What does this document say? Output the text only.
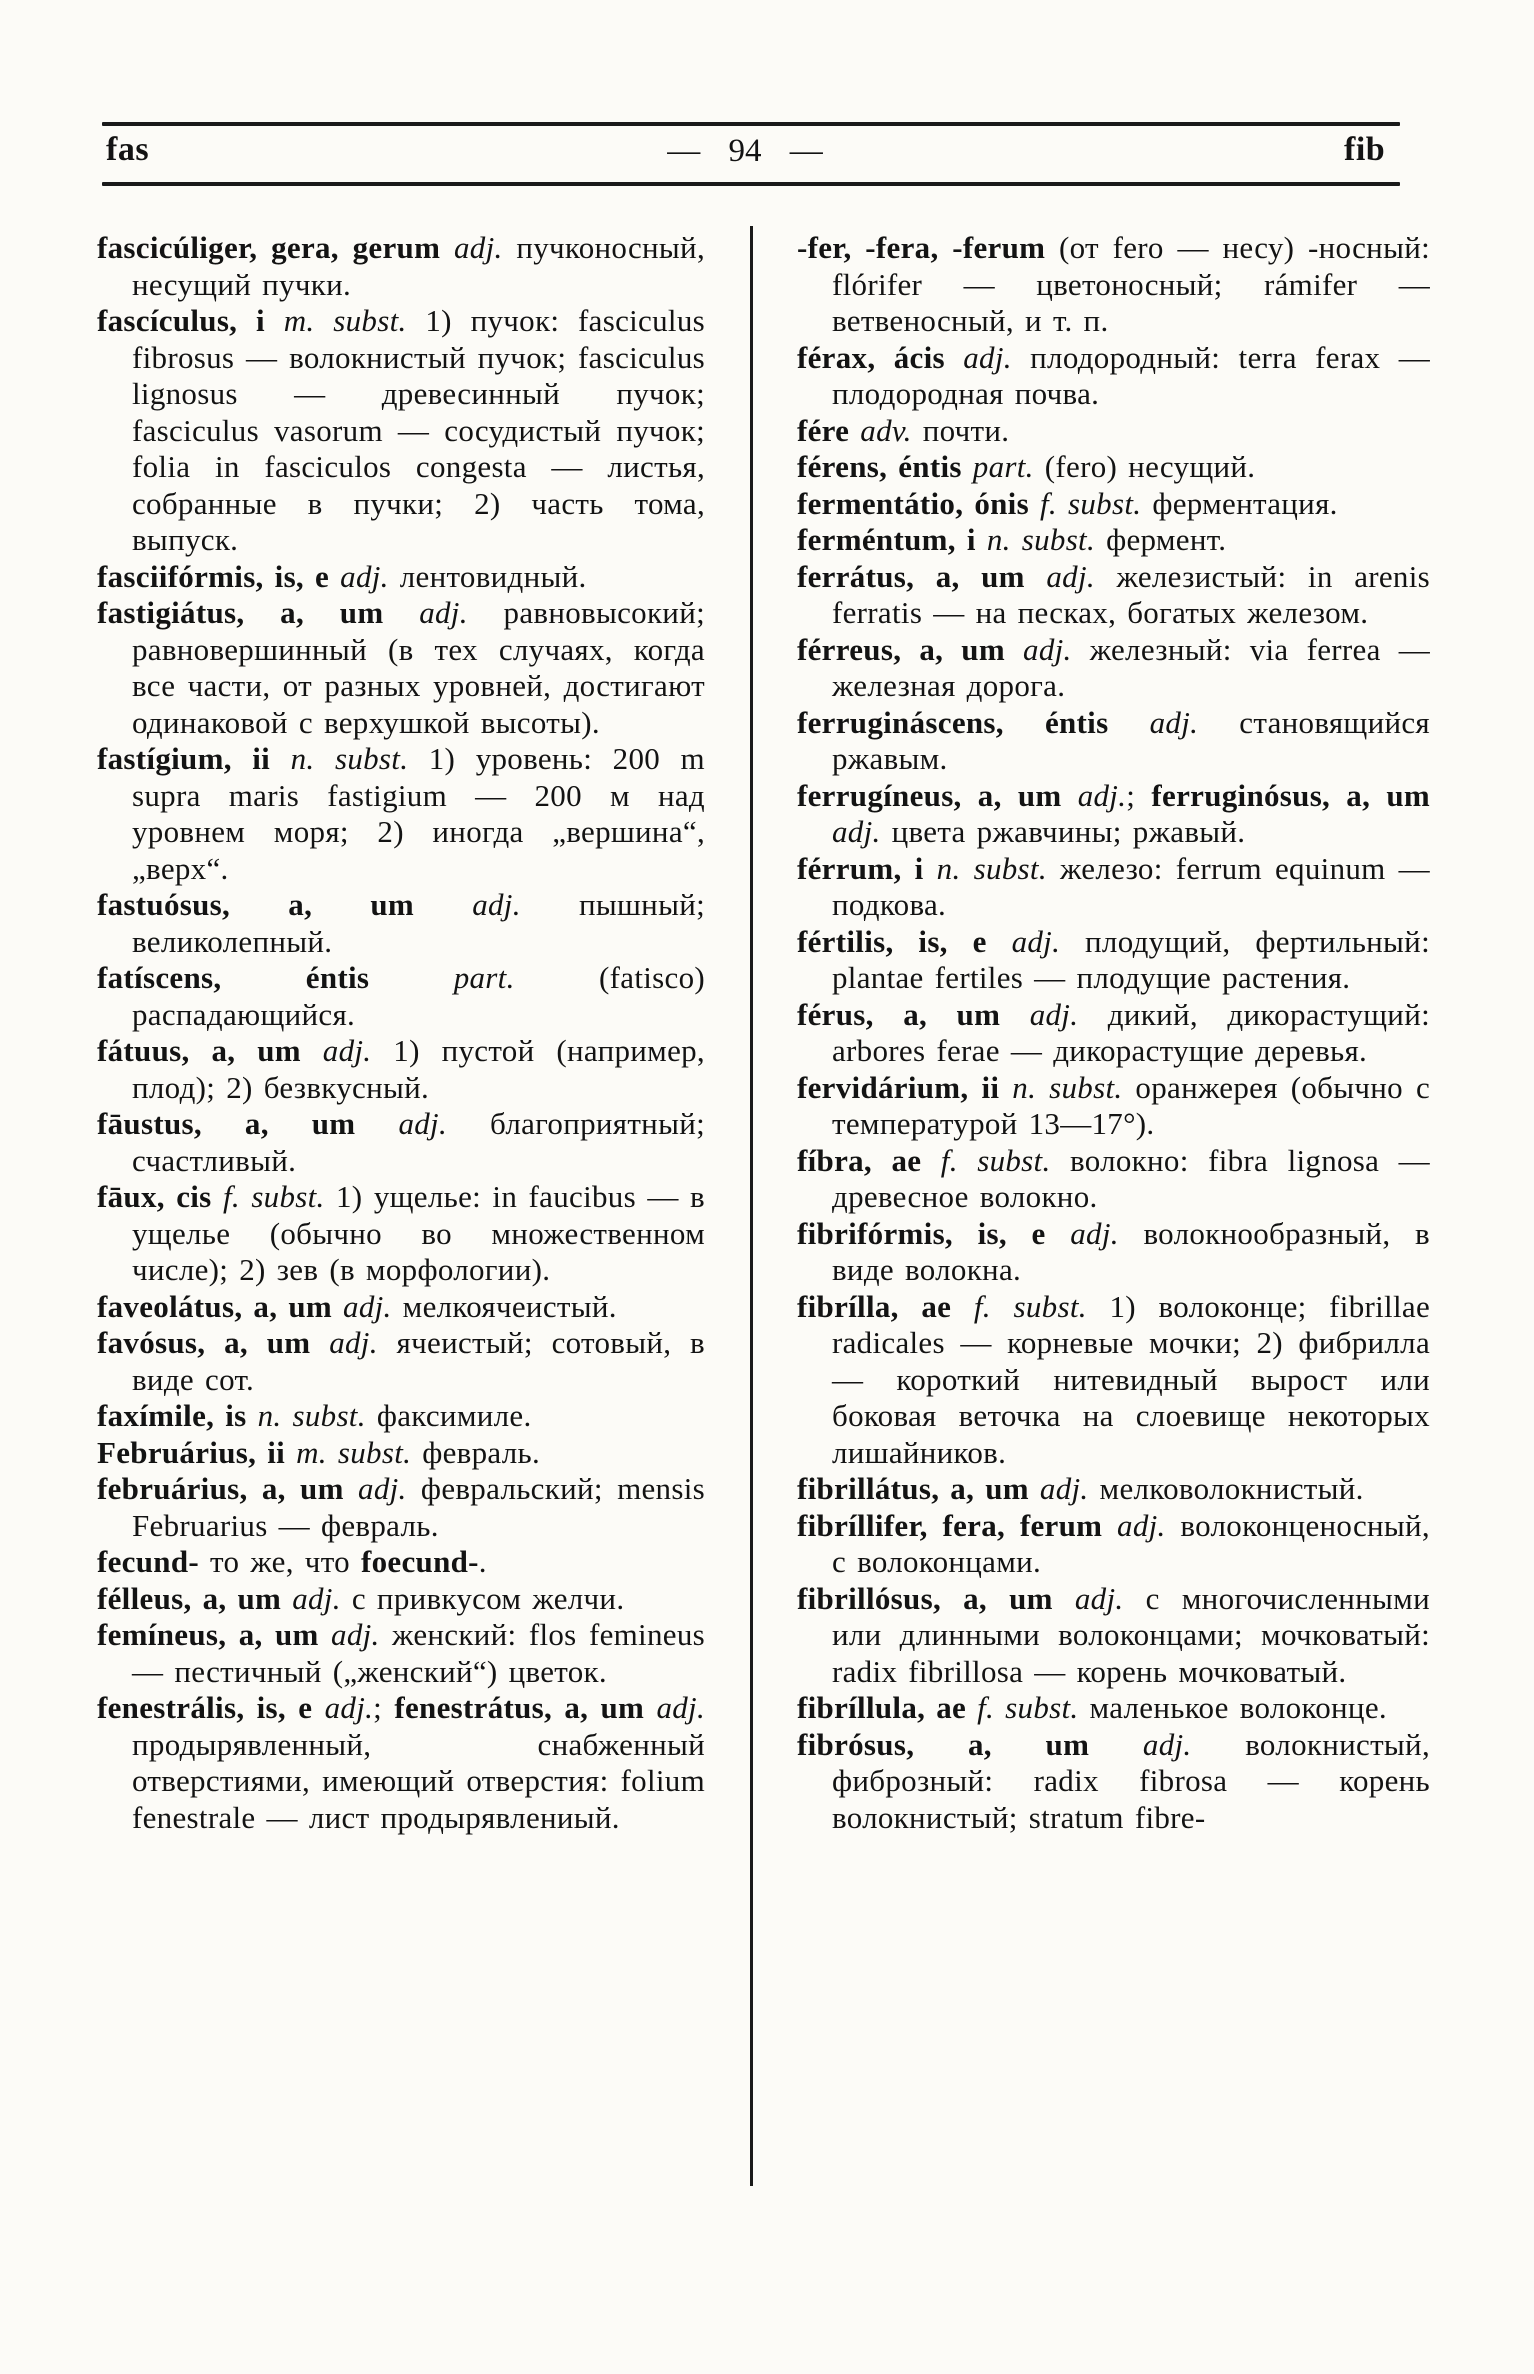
fas	— 94 —	fib

fascicúliger, gera, gerum adj. пучконосный, несущий пучки.

fascículus, i m. subst. 1) пучок: fasciculus fibrosus — волокнистый пучок; fasciculus lignosus — древесинный пучок; fasciculus vasorum — сосудистый пучок; folia in fasciculos congesta — листья, собранные в пучки; 2) часть тома, выпуск.

fasciifórmis, is, e adj. лентовидный.

fastigiátus, a, um adj. равновысокий; равновершинный (в тех случаях, когда все части, от разных уровней, достигают одинаковой с верхушкой высоты).

fastígium, ii n. subst. 1) уровень: 200 m supra maris fastigium — 200 м над уровнем моря; 2) иногда „вершина“, „верх“.

fastuósus, a, um adj. пышный; великолепный.

fatíscens, éntis part. (fatisco) распадающийся.

fátuus, a, um adj. 1) пустой (например, плод); 2) безвкусный.

fāustus, a, um adj. благоприятный; счастливый.

fāux, cis f. subst. 1) ущелье: in faucibus — в ущелье (обычно во множественном числе); 2) зев (в морфологии).

faveolátus, a, um adj. мелкоячеистый.

favósus, a, um adj. ячеистый; сотовый, в виде сот.

faxímile, is n. subst. факсимиле.

Februárius, ii m. subst. февраль.

februárius, a, um adj. февральский; mensis Februarius — февраль.

fecund- то же, что foecund-.

félleus, a, um adj. с привкусом желчи.

femíneus, a, um adj. женский: flos femineus — пестичный („женский“) цветок.

fenestrális, is, e adj.; fenestrátus, a, um adj. продырявленный, снабженный отверстиями, имеющий отверстия: folium fenestrale — лист продырявлениый.

-fer, -fera, -ferum (от fero — несу) -носный: flórifer — цветоносный; rámifer — ветвеносный, и т. п.

férax, ácis adj. плодородный: terra ferax — плодородная почва.

fére adv. почти.

férens, éntis part. (fero) несущий.

fermentátio, ónis f. subst. ферментация.

ferméntum, i n. subst. фермент.

ferrátus, a, um adj. железистый: in arenis ferratis — на песках, богатых железом.

férreus, a, um adj. железный: via ferrea — железная дорога.

ferrugináscens, éntis adj. становящийся ржавым.

ferrugíneus, a, um adj.; ferruginósus, a, um adj. цвета ржавчины; ржавый.

férrum, i n. subst. железо: ferrum equinum — подкова.

fértilis, is, e adj. плодущий, фертильный: plantae fertiles — плодущие растения.

férus, a, um adj. дикий, дикорастущий: arbores ferae — дикорастущие деревья.

fervidárium, ii n. subst. оранжерея (обычно с температурой 13—17°).

fíbra, ae f. subst. волокно: fibra lignosa — древесное волокно.

fibrifórmis, is, e adj. волокнообразный, в виде волокна.

fibrílla, ae f. subst. 1) волоконце; fibrillae radicales — корневые мочки; 2) фибрилла — короткий нитевидный вырост или боковая веточка на слоевище некоторых лишайников.

fibrillátus, a, um adj. мелковолокнистый.

fibríllifer, fera, ferum adj. волоконценосный, с волоконцами.

fibrillósus, a, um adj. с многочисленными или длинными волоконцами; мочковатый: radix fibrillosa — корень мочковатый.

fibríllula, ae f. subst. маленькое волоконце.

fibrósus, a, um adj. волокнистый, фиброзный: radix fibrosa — корень волокнистый; stratum fibre-
